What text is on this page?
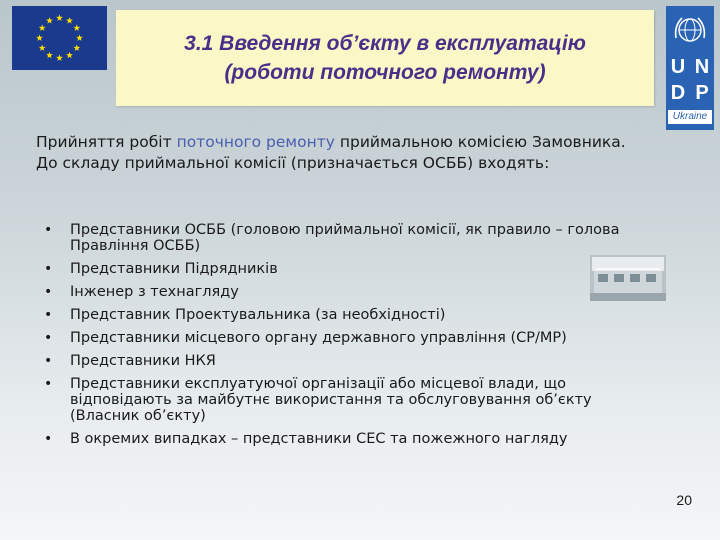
3.1 Введення об’єкту в експлуатацію
(роботи поточного ремонту)	U N
D P
Ukraine
Прийняття робіт поточного ремонту приймальною комісією Замовника. До складу приймальної комісії (призначається ОСББ) входять:
• Представники ОСББ (головою приймальної комісії, як правило – голова Правління ОСББ)
• Представники Підрядників
• Інженер з технагляду
• Представник Проектувальника (за необхідності)
• Представники місцевого органу державного управління (СР/МР)
• Представники НКЯ
• Представники експлуатуючої організації або місцевої влади, що відповідають за майбутнє використання та обслуговування об’єкту (Власник об’єкту)
• В окремих випадках – представники СЕС та пожежного нагляду
20
